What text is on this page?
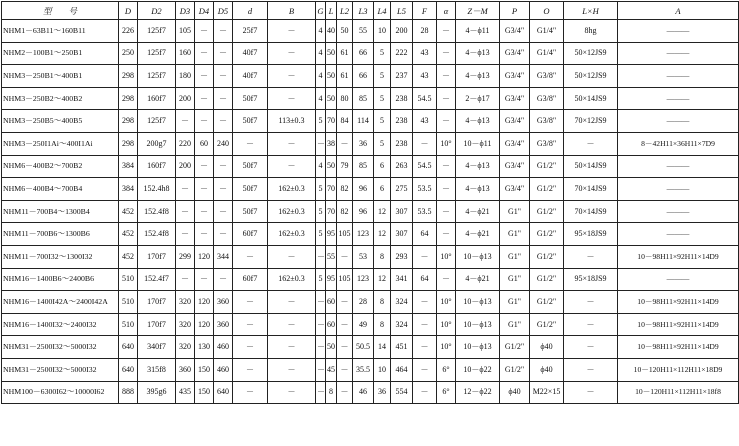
型　　号	D	D2	D3	D4	D5	d	B	G	L	L2	L3	L4	L5	F	α	Z－M	P	O	L×H	A
NHM1－63B11～160B11	226	125f7	105	－	－	25f7	－	4	40	50	55	10	200	28	－	4－ϕ11	G3/4"	G1/4"	8hg	———
NHM2－100B1～250B1	250	125f7	160	－	－	40f7	－	4	50	61	66	5	222	43	－	4－ϕ13	G3/4"	G1/4"	50×12JS9	———
NHM3－250B1～400B1	298	125f7	180	－	－	40f7	－	4	50	61	66	5	237	43	－	4－ϕ13	G3/4"	G3/8"	50×12JS9	———
NHM3－250B2～400B2	298	160f7	200	－	－	50f7	－	4	50	80	85	5	238	54.5	－	2－ϕ17	G3/4"	G3/8"	50×14JS9	———
NHM3－250B5～400B5	298	125f7	－	－	－	50f7	113±0.3	5	70	84	114	5	238	43	－	4－ϕ13	G3/4"	G3/8"	70×12JS9	———
NHM3－250I1Ai～400I1Ai	298	200g7	220	60	240	－	－	－	38	－	36	5	238	－	10°	10－ϕ11	G3/4"	G3/8"	－	8－42H11×36H11×7D9
NHM6－400B2～700B2	384	160f7	200	－	－	50f7	－	4	50	79	85	6	263	54.5	－	4－ϕ13	G3/4"	G1/2"	50×14JS9	———
NHM6－400B4～700B4	384	152.4h8	－	－	－	50f7	162±0.3	5	70	82	96	6	275	53.5	－	4－ϕ13	G3/4"	G1/2"	70×14JS9	———
NHM11－700B4～1300B4	452	152.4f8	－	－	－	50f7	162±0.3	5	70	82	96	12	307	53.5	－	4－ϕ21	G1"	G1/2"	70×14JS9	———
NHM11－700B6～1300B6	452	152.4f8	－	－	－	60f7	162±0.3	5	95	105	123	12	307	64	－	4－ϕ21	G1"	G1/2"	95×18JS9	———
NHM11－700I32～1300I32	452	170f7	299	120	344	－	－	－	55	－	53	8	293	－	10°	10－ϕ13	G1"	G1/2"	－	10－98H11×92H11×14D9
NHM16－1400B6～2400B6	510	152.4f7	－	－	－	60f7	162±0.3	5	95	105	123	12	341	64	－	4－ϕ21	G1"	G1/2"	95×18JS9	———
NHM16－1400I42A～2400I42A	510	170f7	320	120	360	－	－	－	60	－	28	8	324	－	10°	10－ϕ13	G1"	G1/2"	－	10－98H11×92H11×14D9
NHM16－1400I32～2400I32	510	170f7	320	120	360	－	－	－	60	－	49	8	324	－	10°	10－ϕ13	G1"	G1/2"	－	10－98H11×92H11×14D9
NHM31－2500I32～5000I32	640	340f7	320	130	460	－	－	－	50	－	50.5	14	451	－	10°	10－ϕ13	G1/2"	ϕ40	－	10－98H11×92H11×14D9
NHM31－2500I32～5000I32	640	315f8	360	150	460	－	－	－	45	－	35.5	10	464	－	6°	10－ϕ22	G1/2"	ϕ40	－	10－120H11×112H11×18D9
NHM100－6300I62～10000I62	888	395g6	435	150	640	－	－	－	8	－	46	36	554	－	6°	12－ϕ22	ϕ40	M22×15	－	10－120H11×112H11×18f8
